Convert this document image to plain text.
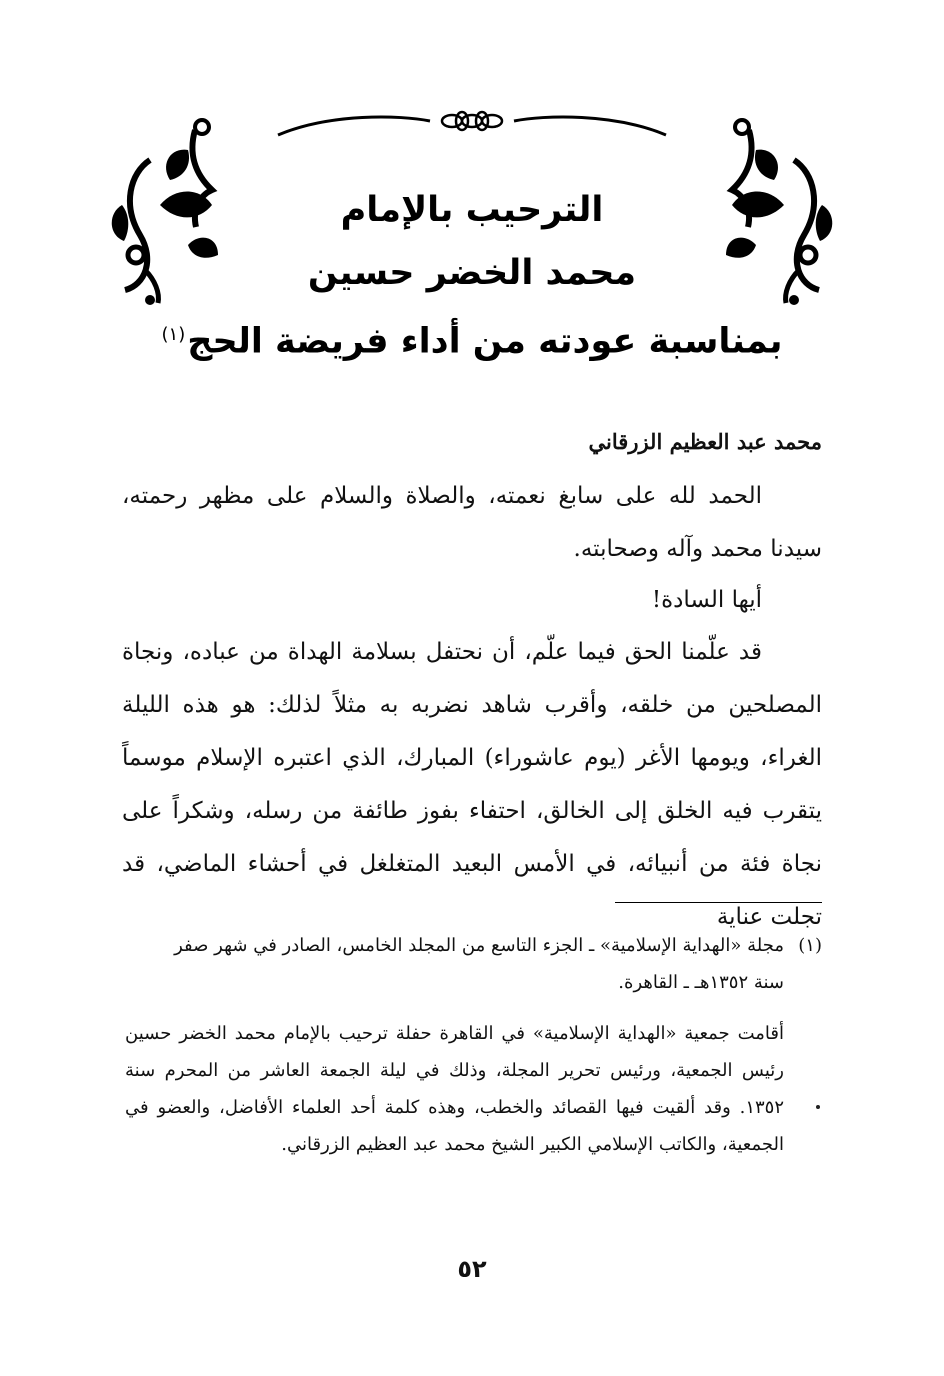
الترحيب بالإمام
محمد الخضر حسين
بمناسبة عودته من أداء فريضة الحج$^{(١)}$
محمد عبد العظيم الزرقاني
الحمد لله على سابغ نعمته، والصلاة والسلام على مظهر رحمته، سيدنا محمد وآله وصحابته.
أيها السادة!
قد علّمنا الحق فيما علّم، أن نحتفل بسلامة الهداة من عباده، ونجاة المصلحين من خلقه، وأقرب شاهد نضربه به مثلاً لذلك: هو هذه الليلة الغراء، ويومها الأغر (يوم عاشوراء) المبارك، الذي اعتبره الإسلام موسماً يتقرب فيه الخلق إلى الخالق، احتفاء بفوز طائفة من رسله، وشكراً على نجاة فئة من أنبيائه، في الأمس البعيد المتغلغل في أحشاء الماضي، قد تجلت عناية
(١)مجلة «الهداية الإسلامية» ـ الجزء التاسع من المجلد الخامس، الصادر في شهر صفر
سنة ١٣٥٢هـ ـ القاهرة.
أقامت جمعية «الهداية الإسلامية» في القاهرة حفلة ترحيب بالإمام محمد الخضر حسين رئيس الجمعية، ورئيس تحرير المجلة، وذلك في ليلة الجمعة العاشر من المحرم سنة ١٣٥٢. وقد ألقيت فيها القصائد والخطب، وهذه كلمة أحد العلماء الأفاضل، والعضو في الجمعية، والكاتب الإسلامي الكبير الشيخ محمد عبد العظيم الزرقاني.
٥٢
